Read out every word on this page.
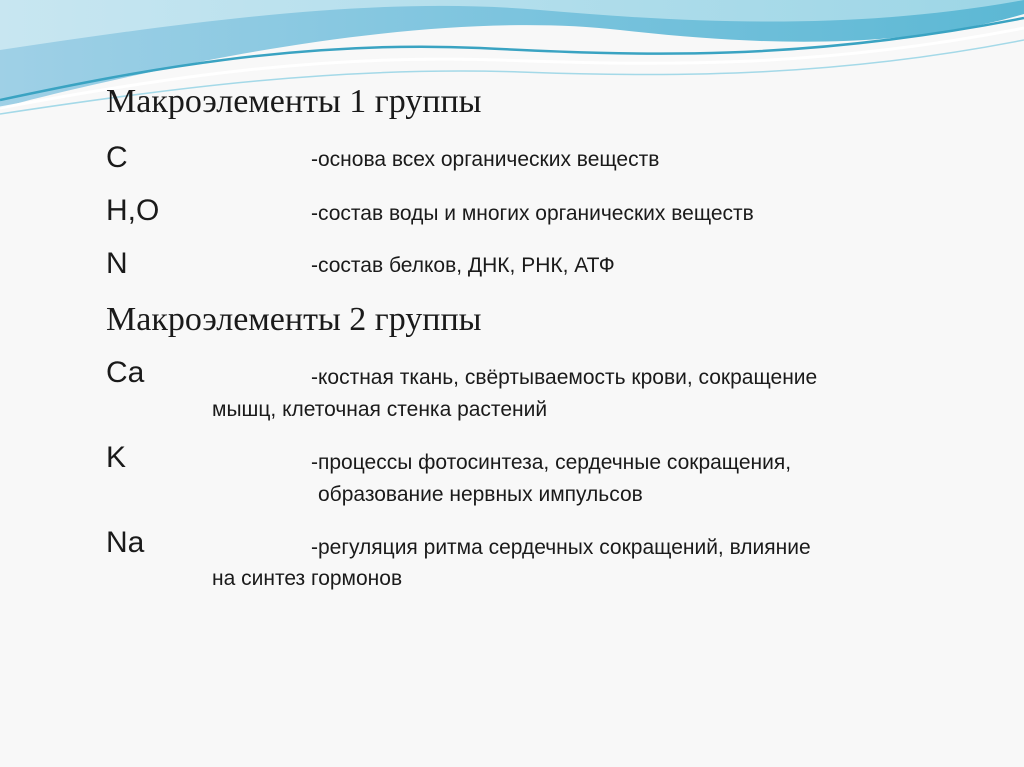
Макроэлементы 1 группы
C	-основа всех органических веществ
H,O	-состав воды и многих органических веществ
N	-состав белков, ДНК, РНК, АТФ
Макроэлементы 2 группы
Ca	-костная ткань, свёртываемость крови, сокращение
мышц, клеточная стенка растений
K	-процессы фотосинтеза, сердечные сокращения,
образование нервных импульсов
Na	-регуляция ритма сердечных сокращений, влияние
на синтез гормонов
